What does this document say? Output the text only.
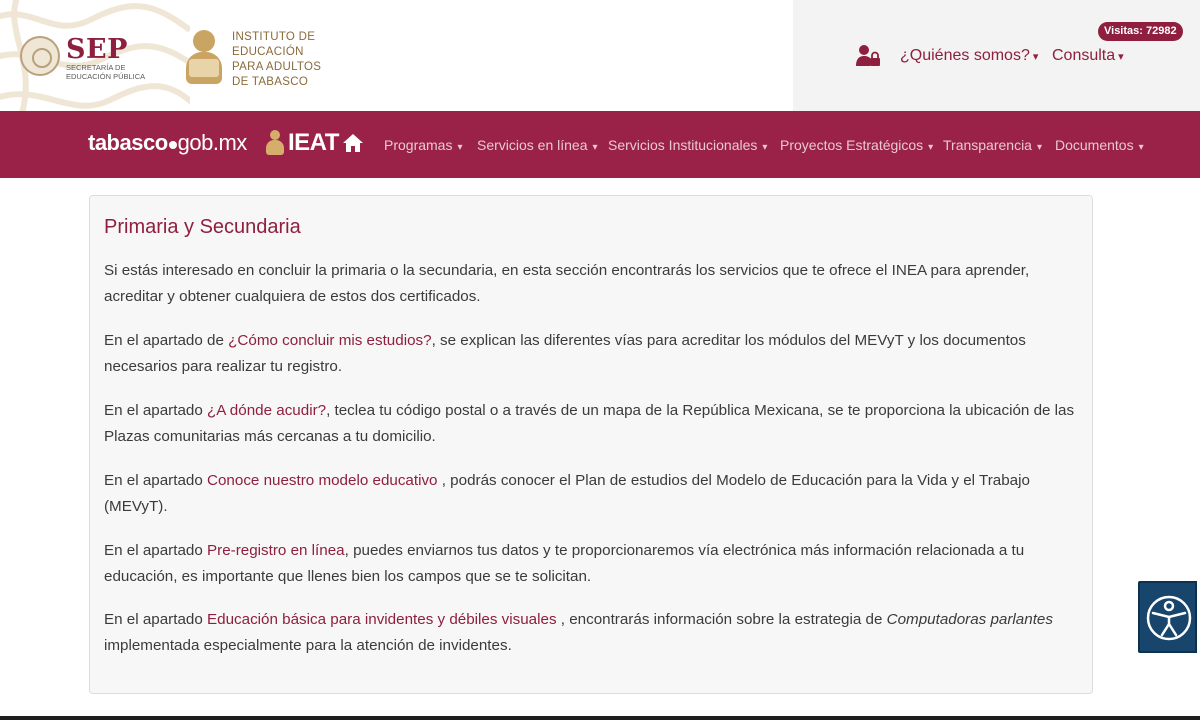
SEP
SECRETARÍA DE EDUCACIÓN PÚBLICA
INSTITUTO DE
EDUCACIÓN
PARA ADULTOS
DE TABASCO
Visitas: 72982
¿Quiénes somos? ▾	Consulta ▾
tabasco gob.mx IEAT	Programas ▾	Servicios en línea ▾	Servicios Institucionales ▾	Proyectos Estratégicos ▾	Transparencia ▾	Documentos ▾
Primaria y Secundaria

Si estás interesado en concluir la primaria o la secundaria, en esta sección encontrarás los servicios que te ofrece el INEA para aprender, acreditar y obtener cualquiera de estos dos certificados.

En el apartado de ¿Cómo concluir mis estudios?, se explican las diferentes vías para acreditar los módulos del MEVyT y los documentos necesarios para realizar tu registro.

En el apartado ¿A dónde acudir?, teclea tu código postal o a través de un mapa de la República Mexicana, se te proporciona la ubicación de las Plazas comunitarias más cercanas a tu domicilio.

En el apartado Conoce nuestro modelo educativo , podrás conocer el Plan de estudios del Modelo de Educación para la Vida y el Trabajo (MEVyT).

En el apartado Pre-registro en línea, puedes enviarnos tus datos y te proporcionaremos vía electrónica más información relacionada a tu educación, es importante que llenes bien los campos que se te solicitan.

En el apartado Educación básica para invidentes y débiles visuales , encontrarás información sobre la estrategia de Computadoras parlantes implementada especialmente para la atención de invidentes.
